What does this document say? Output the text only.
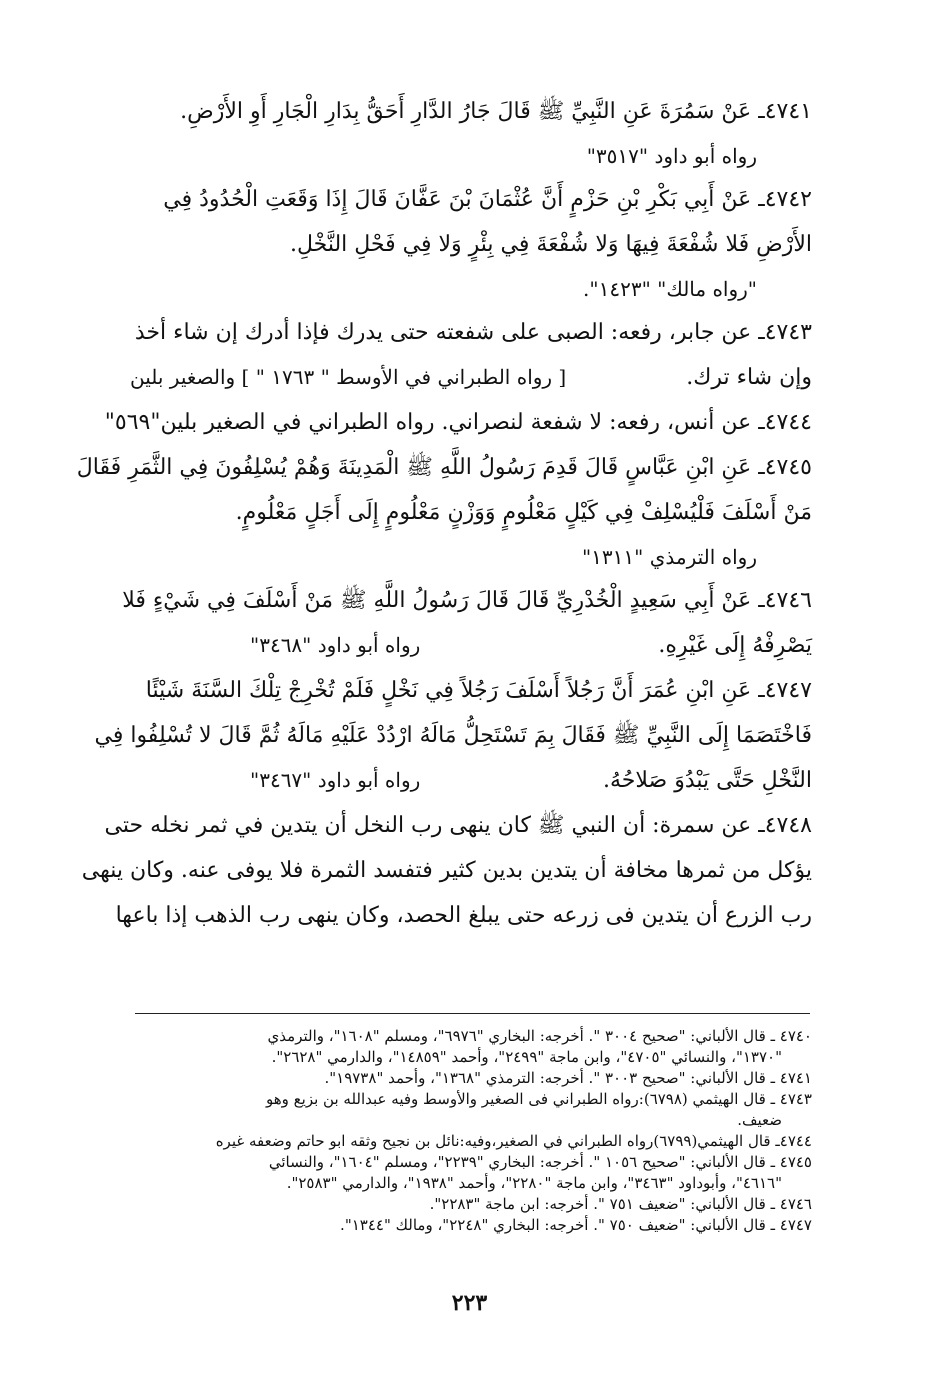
٤٧٤١ـ عَنْ سَمُرَةَ عَنِ النَّبِيِّ ﷺ قَالَ جَارُ الدَّارِ أَحَقُّ بِدَارِ الْجَارِ أَوِ الأَرْضِ.
رواه أبو داود "٣٥١٧"
٤٧٤٢ـ عَنْ أَبِي بَكْرِ بْنِ حَزْمٍ أَنَّ عُثْمَانَ بْنَ عَفَّانَ قَالَ إِذَا وَقَعَتِ الْحُدُودُ فِي
الأَرْضِ فَلا شُفْعَةَ فِيهَا وَلا شُفْعَةَ فِي بِئْرٍ وَلا فِي فَحْلِ النَّخْلِ.
"رواه مالك" "١٤٢٣".
٤٧٤٣ـ عن جابر، رفعه: الصبى على شفعته حتى يدرك فإذا أدرك إن شاء أخذ
وإن شاء ترك.
[ رواه الطبراني في الأوسط " ١٧٦٣ " ] والصغير بلين
٤٧٤٤ـ عن أنس، رفعه: لا شفعة لنصراني. رواه الطبراني في الصغير بلين"٥٦٩"
٤٧٤٥ـ عَنِ ابْنِ عَبَّاسٍ قَالَ قَدِمَ رَسُولُ اللَّهِ ﷺ الْمَدِينَةَ وَهُمْ يُسْلِفُونَ فِي الثَّمَرِ فَقَالَ
مَنْ أَسْلَفَ فَلْيُسْلِفْ فِي كَيْلٍ مَعْلُومٍ وَوَزْنٍ مَعْلُومٍ إِلَى أَجَلٍ مَعْلُومٍ.
رواه الترمذي "١٣١١"
٤٧٤٦ـ عَنْ أَبِي سَعِيدٍ الْخُدْرِيِّ قَالَ قَالَ رَسُولُ اللَّهِ ﷺ مَنْ أَسْلَفَ فِي شَيْءٍ فَلا
يَصْرِفْهُ إِلَى غَيْرِهِ.
رواه أبو داود "٣٤٦٨"
٤٧٤٧ـ عَنِ ابْنِ عُمَرَ أَنَّ رَجُلاً أَسْلَفَ رَجُلاً فِي نَخْلٍ فَلَمْ تُخْرِجْ تِلْكَ السَّنَةَ شَيْئًا
فَاخْتَصَمَا إِلَى النَّبِيِّ ﷺ فَقَالَ بِمَ تَسْتَحِلُّ مَالَهُ ارْدُدْ عَلَيْهِ مَالَهُ ثُمَّ قَالَ لا تُسْلِفُوا فِي
النَّخْلِ حَتَّى يَبْدُوَ صَلاحُهُ.
رواه أبو داود "٣٤٦٧"
٤٧٤٨ـ عن سمرة: أن النبي ﷺ كان ينهى رب النخل أن يتدين في ثمر نخله حتى
يؤكل من ثمرها مخافة أن يتدين بدين كثير فتفسد الثمرة فلا يوفى عنه. وكان ينهى
رب الزرع أن يتدين فى زرعه حتى يبلغ الحصد، وكان ينهى رب الذهب إذا باعها
٤٧٤٠ ـ قال الألباني: "صحيح ٣٠٠٤ ". أخرجه: البخاري "٦٩٧٦"، ومسلم "١٦٠٨"، والترمذي
"١٣٧٠"، والنسائي "٤٧٠٥"، وابن ماجة "٢٤٩٩"، وأحمد "١٤٨٥٩"، والدارمي "٢٦٢٨".
٤٧٤١ ـ قال الألباني: "صحيح ٣٠٠٣ ". أخرجه: الترمذي "١٣٦٨"، وأحمد "١٩٧٣٨".
٤٧٤٣ ـ قال الهيثمي (٦٧٩٨):رواه الطبراني فى الصغير والأوسط وفيه عبدالله بن بزيع وهو
ضعيف.
٤٧٤٤ـ قال الهيثمي(٦٧٩٩)رواه الطبراني في الصغير،وفيه:نائل بن نجيح وثقه ابو حاتم وضعفه غيره
٤٧٤٥ ـ قال الألباني: "صحيح ١٠٥٦ ". أخرجه: البخاري "٢٢٣٩"، ومسلم "١٦٠٤"، والنسائي
"٤٦١٦"، وأبوداود "٣٤٦٣"، وابن ماجة "٢٢٨٠"، وأحمد "١٩٣٨"، والدارمي "٢٥٨٣".
٤٧٤٦ ـ قال الألباني: "ضعيف ٧٥١ ". أخرجه: ابن ماجة "٢٢٨٣".
٤٧٤٧ ـ قال الألباني: "ضعيف ٧٥٠ ". أخرجه: البخاري "٢٢٤٨"، ومالك "١٣٤٤".
٢٢٣
